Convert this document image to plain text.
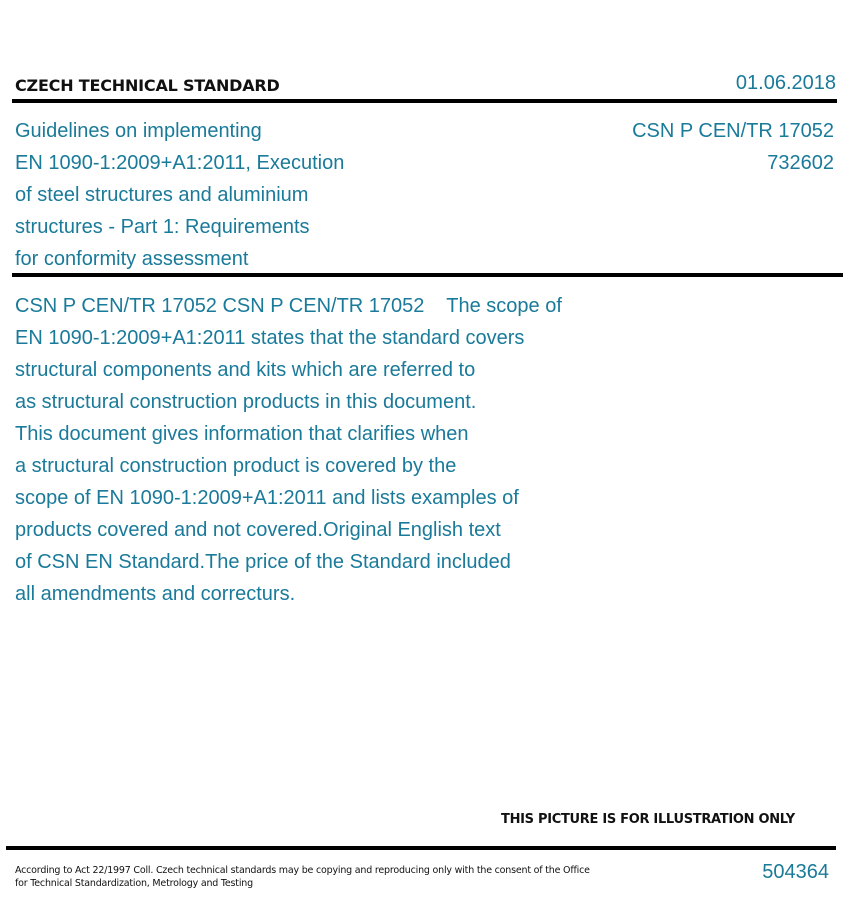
CZECH TECHNICAL STANDARD	01.06.2018
Guidelines on implementing
EN 1090-1:2009+A1:2011, Execution
of steel structures and aluminium
structures - Part 1: Requirements
for conformity assessment
CSN P CEN/TR 17052
732602
CSN P CEN/TR 17052 CSN P CEN/TR 17052    The scope of
EN 1090-1:2009+A1:2011 states that the standard covers
structural components and kits which are referred to
as structural construction products in this document.
This document gives information that clarifies when
a structural construction product is covered by the
scope of EN 1090-1:2009+A1:2011 and lists examples of
products covered and not covered.Original English text
of CSN EN Standard.The price of the Standard included
all amendments and correcturs.
THIS PICTURE IS FOR ILLUSTRATION ONLY
According to Act 22/1997 Coll. Czech technical standards may be copying and reproducing only with the consent of the Office
for Technical Standardization, Metrology and Testing
504364
